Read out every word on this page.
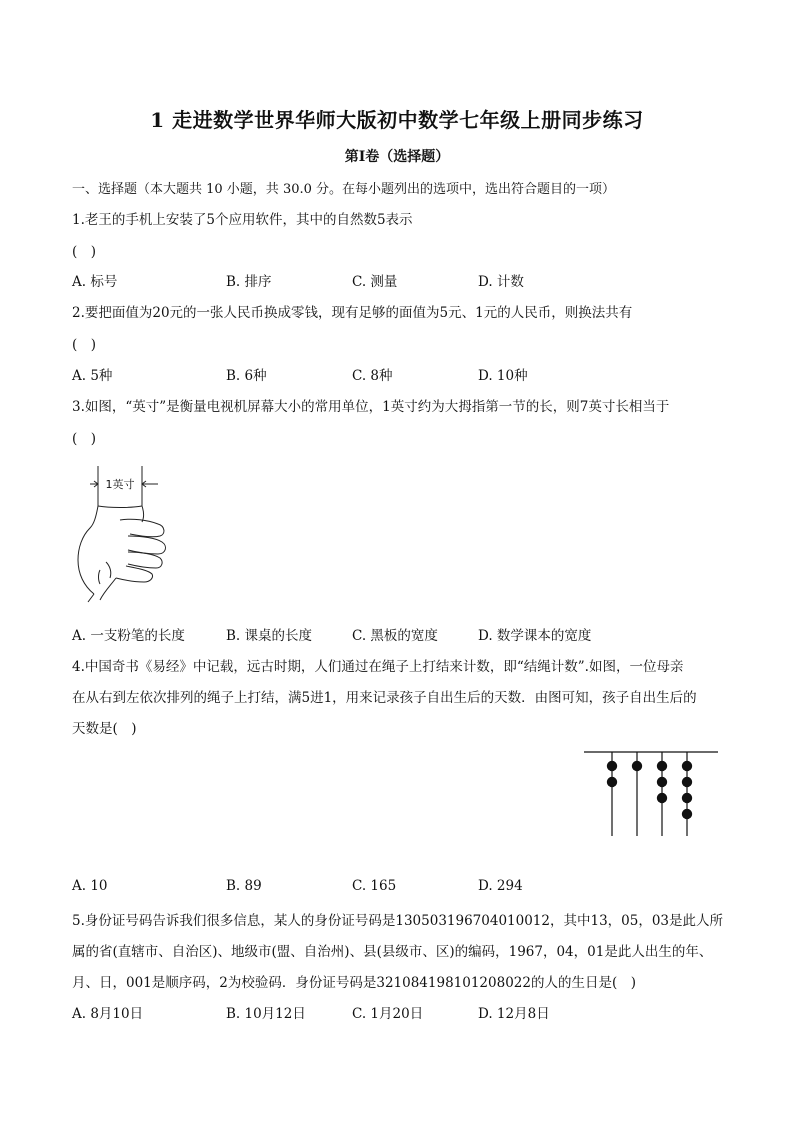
1 走进数学世界华师大版初中数学七年级上册同步练习
第Ⅰ卷（选择题）
一、选择题（本大题共 10 小题，共 30.0 分。在每小题列出的选项中，选出符合题目的一项）
1.老王的手机上安装了5个应用软件，其中的自然数5表示
(　)
A. 标号	B. 排序	C. 测量	D. 计数
2.要把面值为20元的一张人民币换成零钱，现有足够的面值为5元、1元的人民币，则换法共有
(　)
A. 5种	B. 6种	C. 8种	D. 10种
3.如图，“英寸”是衡量电视机屏幕大小的常用单位，1英寸约为大拇指第一节的长，则7英寸长相当于
(　)
1英寸
A. 一支粉笔的长度	B. 课桌的长度	C. 黑板的宽度	D. 数学课本的宽度
4.中国奇书《易经》中记载，远古时期，人们通过在绳子上打结来计数，即“结绳计数”.如图，一位母亲
在从右到左依次排列的绳子上打结，满5进1，用来记录孩子自出生后的天数．由图可知，孩子自出生后的
天数是(　)
A. 10	B. 89	C. 165	D. 294
5.身份证号码告诉我们很多信息，某人的身份证号码是130503196704010012，其中13，05，03是此人所
属的省(直辖市、自治区)、地级市(盟、自治州)、县(县级市、区)的编码，1967，04，01是此人出生的年、
月、日，001是顺序码，2为校验码．身份证号码是321084198101208022的人的生日是(　)
A. 8月10日	B. 10月12日	C. 1月20日	D. 12月8日
